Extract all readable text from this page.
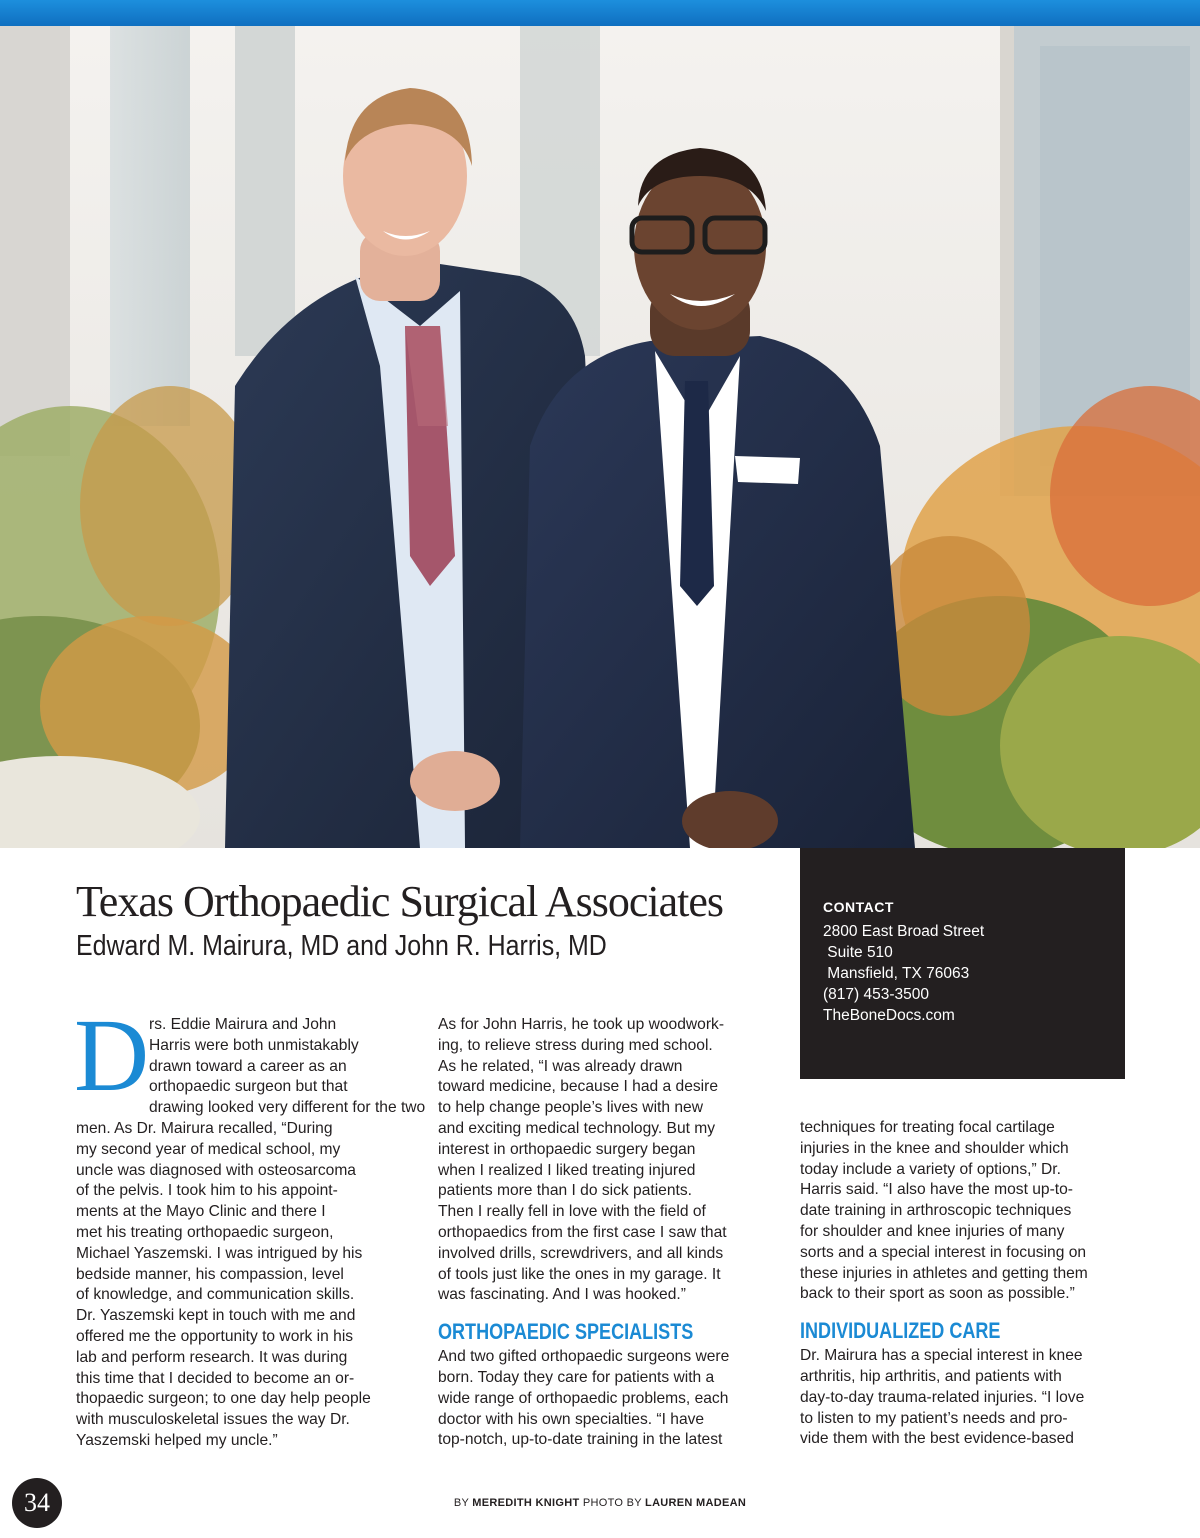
Texas Orthopaedic Surgical Associates
Edward M. Mairura, MD and John R. Harris, MD
CONTACT
2800 East Broad Street
Suite 510
Mansfield, TX 76063
(817) 453-3500
TheBoneDocs.com
D rs. Eddie Mairura and John
Harris were both unmistakably
drawn toward a career as an
orthopaedic surgeon but that
drawing looked very different for the two
men. As Dr. Mairura recalled, “During
my second year of medical school, my
uncle was diagnosed with osteosarcoma
of the pelvis. I took him to his appoint-
ments at the Mayo Clinic and there I
met his treating orthopaedic surgeon,
Michael Yaszemski. I was intrigued by his
bedside manner, his compassion, level
of knowledge, and communication skills.
Dr. Yaszemski kept in touch with me and
offered me the opportunity to work in his
lab and perform research. It was during
this time that I decided to become an or-
thopaedic surgeon; to one day help people
with musculoskeletal issues the way Dr.
Yaszemski helped my uncle.”

As for John Harris, he took up woodwork-
ing, to relieve stress during med school.
As he related, “I was already drawn
toward medicine, because I had a desire
to help change people’s lives with new
and exciting medical technology. But my
interest in orthopaedic surgery began
when I realized I liked treating injured
patients more than I do sick patients.
Then I really fell in love with the field of
orthopaedics from the first case I saw that
involved drills, screwdrivers, and all kinds
of tools just like the ones in my garage. It
was fascinating. And I was hooked.”

ORTHOPAEDIC SPECIALISTS

And two gifted orthopaedic surgeons were
born. Today they care for patients with a
wide range of orthopaedic problems, each
doctor with his own specialties. “I have
top-notch, up-to-date training in the latest

techniques for treating focal cartilage
injuries in the knee and shoulder which
today include a variety of options,” Dr.
Harris said. “I also have the most up-to-
date training in arthroscopic techniques
for shoulder and knee injuries of many
sorts and a special interest in focusing on
these injuries in athletes and getting them
back to their sport as soon as possible.”

INDIVIDUALIZED CARE

Dr. Mairura has a special interest in knee
arthritis, hip arthritis, and patients with
day-to-day trauma-related injuries. “I love
to listen to my patient’s needs and pro-
vide them with the best evidence-based

34	BY MEREDITH KNIGHT PHOTO BY LAUREN MADEAN
